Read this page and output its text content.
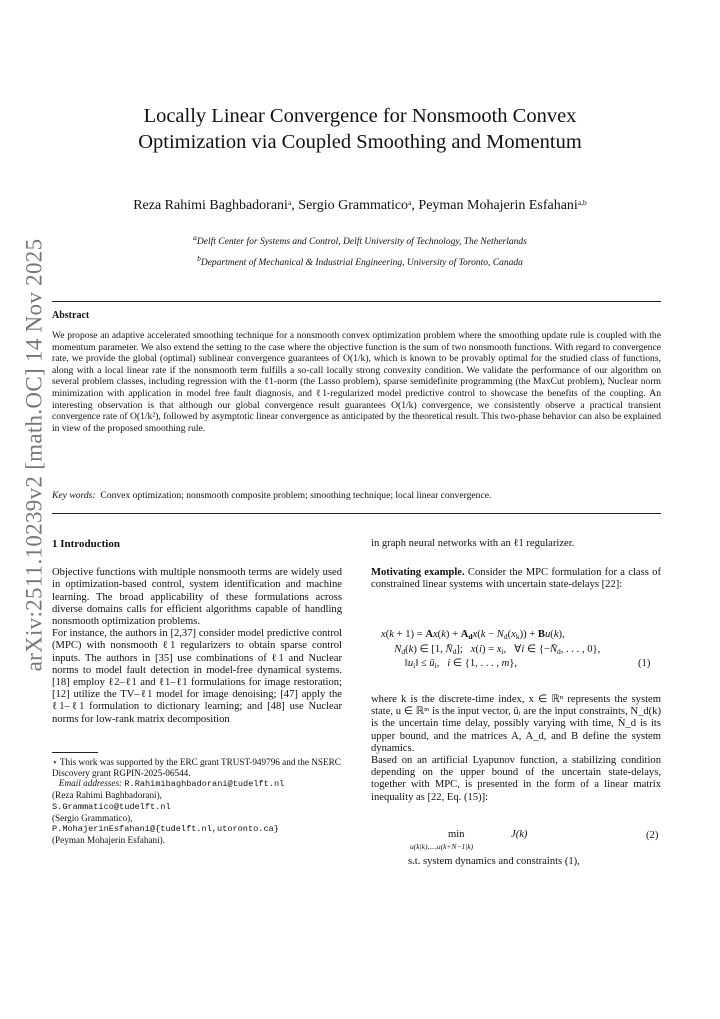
arXiv:2511.10239v2 [math.OC] 14 Nov 2025
Locally Linear Convergence for Nonsmooth Convex
Optimization via Coupled Smoothing and Momentum
Reza Rahimi Baghbadorani$^a$, Sergio Grammatico$^a$, Peyman Mohajerin Esfahani$^{a,b}$
$^a$Delft Center for Systems and Control, Delft University of Technology, The Netherlands
$^b$Department of Mechanical & Industrial Engineering, University of Toronto, Canada
Abstract

We propose an adaptive accelerated smoothing technique for a nonsmooth convex optimization problem where the smoothing update rule is coupled with the momentum parameter. We also extend the setting to the case where the objective function is the sum of two nonsmooth functions. With regard to convergence rate, we provide the global (optimal) sublinear convergence guarantees of O(1/k), which is known to be provably optimal for the studied class of functions, along with a local linear rate if the nonsmooth term fulfills a so-call locally strong convexity condition. We validate the performance of our algorithm on several problem classes, including regression with the ℓ1-norm (the Lasso problem), sparse semidefinite programming (the MaxCut problem), Nuclear norm minimization with application in model free fault diagnosis, and ℓ1-regularized model predictive control to showcase the benefits of the coupling. An interesting observation is that although our global convergence result guarantees O(1/k) convergence, we consistently observe a practical transient convergence rate of O(1/k²), followed by asymptotic linear convergence as anticipated by the theoretical result. This two-phase behavior can also be explained in view of the proposed smoothing rule.

Key words: Convex optimization; nonsmooth composite problem; smoothing technique; local linear convergence.
1 Introduction

Objective functions with multiple nonsmooth terms are widely used in optimization-based control, system identification and machine learning. The broad applicability of these formulations across diverse domains calls for efficient algorithms capable of handling nonsmooth optimization problems.

For instance, the authors in [2,37] consider model predictive control (MPC) with nonsmooth ℓ1 regularizers to obtain sparse control inputs. The authors in [35] use combinations of ℓ1 and Nuclear norms to model fault detection in model-free dynamical systems. [18] employ ℓ2–ℓ1 and ℓ1–ℓ1 formulations for image restoration; [12] utilize the TV–ℓ1 model for image denoising; [47] apply the ℓ1–ℓ1 formulation to dictionary learning; and [48] use Nuclear norms for low-rank matrix decomposition

⋆ This work was supported by the ERC grant TRUST-949796 and the NSERC Discovery grant RGPIN-2025-06544.
Email addresses: R.Rahimibaghbadorani@tudelft.nl
(Reza Rahimi Baghbadorani),
S.Grammatico@tudelft.nl
(Sergio Grammatico),
P.MohajerinEsfahani@{tudelft.nl,utoronto.ca}
(Peyman Mohajerin Esfahani).

in graph neural networks with an ℓ1 regularizer.

Motivating example. Consider the MPC formulation for a class of constrained linear systems with uncertain state-delays [22]:

$x(k + 1) = Ax(k) + A_dx(k - N_d(x_k)) + Bu(k)$,
$N_d(k)$ ∈ [1, $N̄_d$];   $x(i) = x_i$,   ∀i ∈ {$-N̄_d$, . . . , 0},
$‖u_i‖$ ≤ $ū_i$,   i ∈ {1, . . . , m},	(1)

where k is the discrete-time index, x ∈ ℝⁿ represents the system state, u ∈ ℝᵐ is the input vector, ūᵢ are the input constraints, N_d(k) is the uncertain time delay, possibly varying with time, N̄_d is its upper bound, and the matrices A, A_d, and B define the system dynamics.

Based on an artificial Lyapunov function, a stabilizing condition depending on the upper bound of the uncertain state-delays, together with MPC, is presented in the form of a linear matrix inequality as [22, Eq. (15)]:

min
u(k|k),...,u(k+N−1|k)
J(k)	(2)
s.t. system dynamics and constraints (1),
